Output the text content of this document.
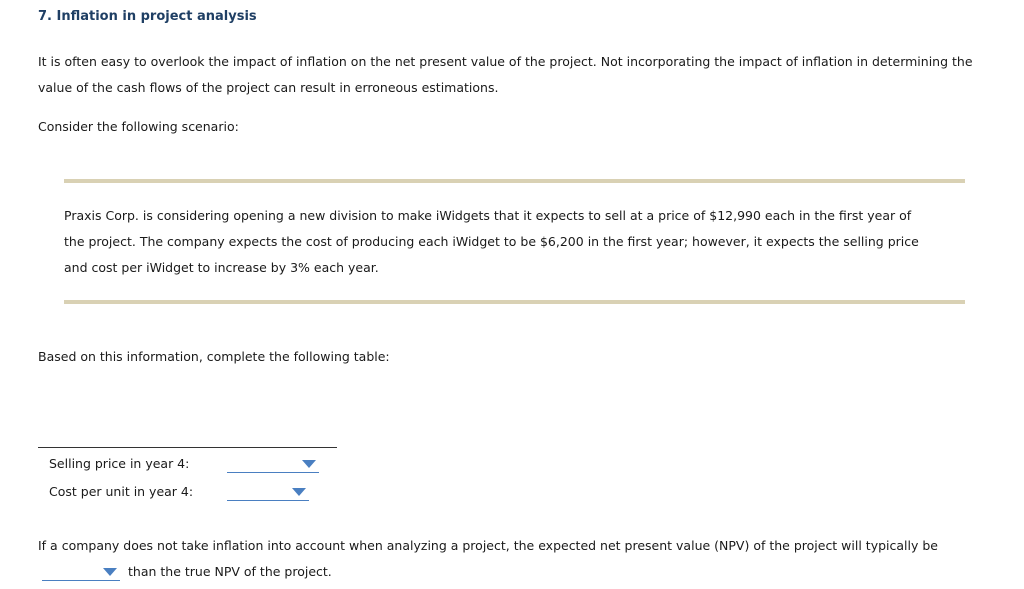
7. Inflation in project analysis
It is often easy to overlook the impact of inflation on the net present value of the project. Not incorporating the impact of inflation in determining the
value of the cash flows of the project can result in erroneous estimations.
Consider the following scenario:
Praxis Corp. is considering opening a new division to make iWidgets that it expects to sell at a price of $12,990 each in the first year of
the project. The company expects the cost of producing each iWidget to be $6,200 in the first year; however, it expects the selling price
and cost per iWidget to increase by 3% each year.
Based on this information, complete the following table:
Selling price in year 4:
Cost per unit in year 4:
If a company does not take inflation into account when analyzing a project, the expected net present value (NPV) of the project will typically be
than the true NPV of the project.
